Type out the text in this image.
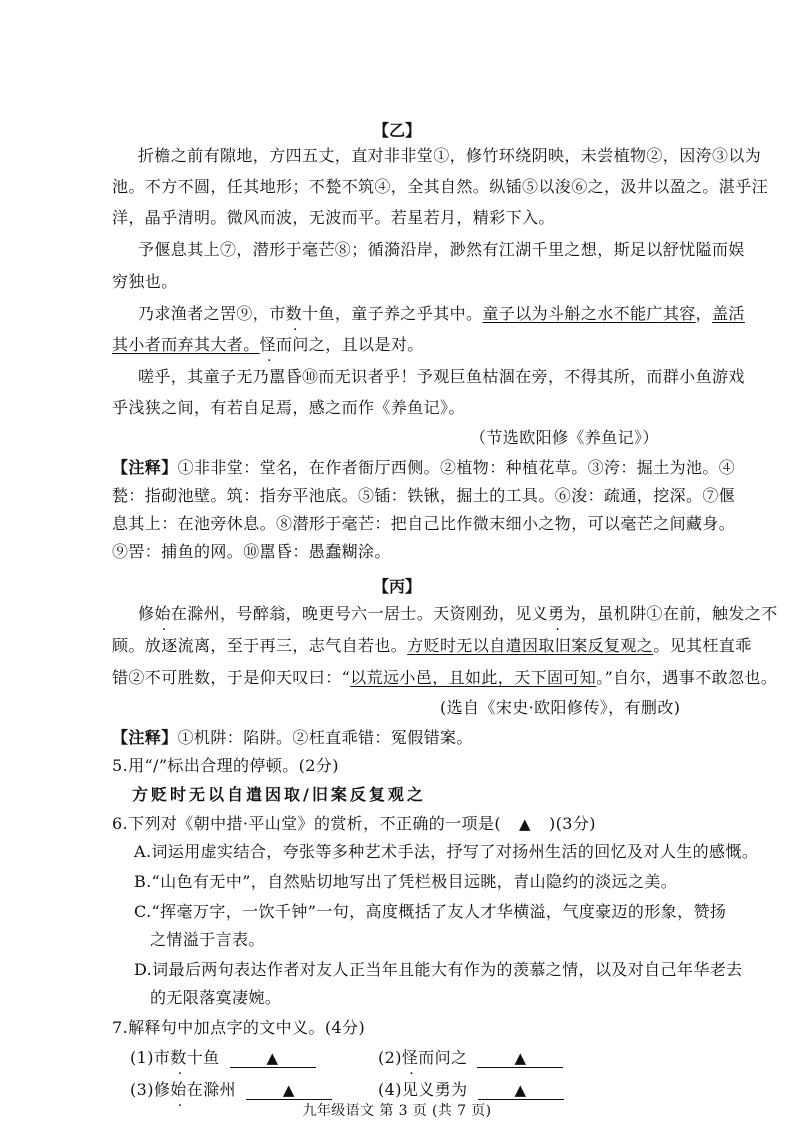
【乙】
折檐之前有隙地，方四五丈，直对非非堂①，修竹环绕阴映，未尝植物②，因洿③以为
池。不方不圆，任其地形；不甃不筑④，全其自然。纵锸⑤以浚⑥之，汲井以盈之。湛乎汪
洋，晶乎清明。微风而波，无波而平。若星若月，精彩下入。
予偃息其上⑦，潜形于毫芒⑧；循漪沿岸，渺然有江湖千里之想，斯足以舒忧隘而娱
穷独也。
乃求渔者之罟⑨，市数十鱼，童子养之乎其中。童子以为斗斛之水不能广其容，盖活
其小者而弃其大者。怪而问之，且以是对。
嗟乎，其童子无乃嚚昏⑩而无识者乎！予观巨鱼枯涸在旁，不得其所，而群小鱼游戏
乎浅狭之间，有若自足焉，感之而作《养鱼记》。
（节选欧阳修《养鱼记》）
【注释】①非非堂：堂名，在作者衙厅西侧。②植物：种植花草。③洿：掘土为池。④
甃：指砌池壁。筑：指夯平池底。⑤锸：铁锹，掘土的工具。⑥浚：疏通，挖深。⑦偃
息其上：在池旁休息。⑧潜形于毫芒：把自己比作微末细小之物，可以毫芒之间藏身。
⑨罟：捕鱼的网。⑩嚚昏：愚蠢糊涂。
【丙】
修始在滁州，号醉翁，晚更号六一居士。天资刚劲，见义勇为，虽机阱①在前，触发之不
顾。放逐流离，至于再三，志气自若也。方贬时无以自遣因取旧案反复观之。见其枉直乖
错②不可胜数，于是仰天叹曰：“以荒远小邑，且如此，天下固可知。”自尔，遇事不敢忽也。
(选自《宋史·欧阳修传》，有删改)
【注释】①机阱：陷阱。②枉直乖错：冤假错案。
5.用“/”标出合理的停顿。(2分)
方贬时无以自遣因取/旧案反复观之
6.下列对《朝中措·平山堂》的赏析，不正确的一项是( ▲ )(3分)
A.词运用虚实结合，夸张等多种艺术手法，抒写了对扬州生活的回忆及对人生的感慨。
B.“山色有无中”，自然贴切地写出了凭栏极目远眺，青山隐约的淡远之美。
C.“挥毫万字，一饮千钟”一句，高度概括了友人才华横溢，气度豪迈的形象，赞扬
之情溢于言表。
D.词最后两句表达作者对友人正当年且能大有作为的羡慕之情，以及对自己年华老去
的无限落寞凄婉。
7.解释句中加点字的文中义。(4分)
(1)市数十鱼	▲	(2)怪而问之	▲
(3)修始在滁州	▲	(4)见义勇为	▲
九年级语文 第 3 页 (共 7 页)
